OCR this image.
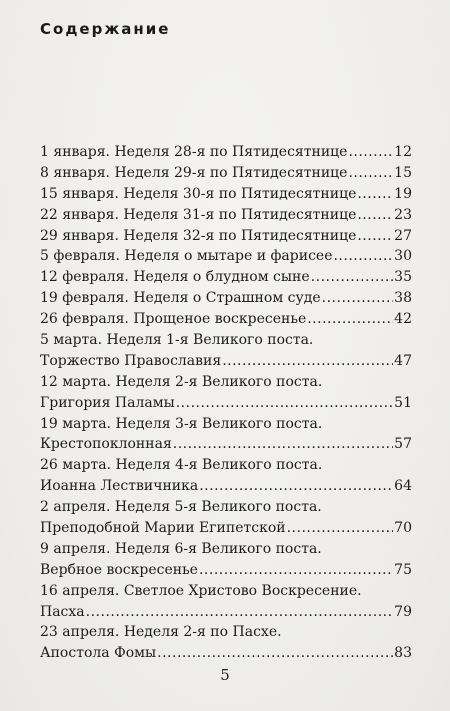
Содержание
1 января. Неделя 28-я по Пятидесятнице .....	12
8 января. Неделя 29-я по Пятидесятнице .....	15
15 января. Неделя 30-я по Пятидесятнице .....	19
22 января. Неделя 31-я по Пятидесятнице .....	23
29 января. Неделя 32-я по Пятидесятнице .....	27
5 февраля. Неделя о мытаре и фарисее .....	30
12 февраля. Неделя о блудном сыне .....	35
19 февраля. Неделя о Страшном суде .....	38
26 февраля. Прощеное воскресенье .....	42
5 марта. Неделя 1-я Великого поста.
Торжество Православия .....	47
12 марта. Неделя 2-я Великого поста.
Григория Паламы .....	51
19 марта. Неделя 3-я Великого поста.
Крестопоклонная .....	57
26 марта. Неделя 4-я Великого поста.
Иоанна Лествичника .....	64
2 апреля. Неделя 5-я Великого поста.
Преподобной Марии Египетской .....	70
9 апреля. Неделя 6-я Великого поста.
Вербное воскресенье .....	75
16 апреля. Светлое Христово Воскресение.
Пасха .....	79
23 апреля. Неделя 2-я по Пасхе.
Апостола Фомы .....	83
5
